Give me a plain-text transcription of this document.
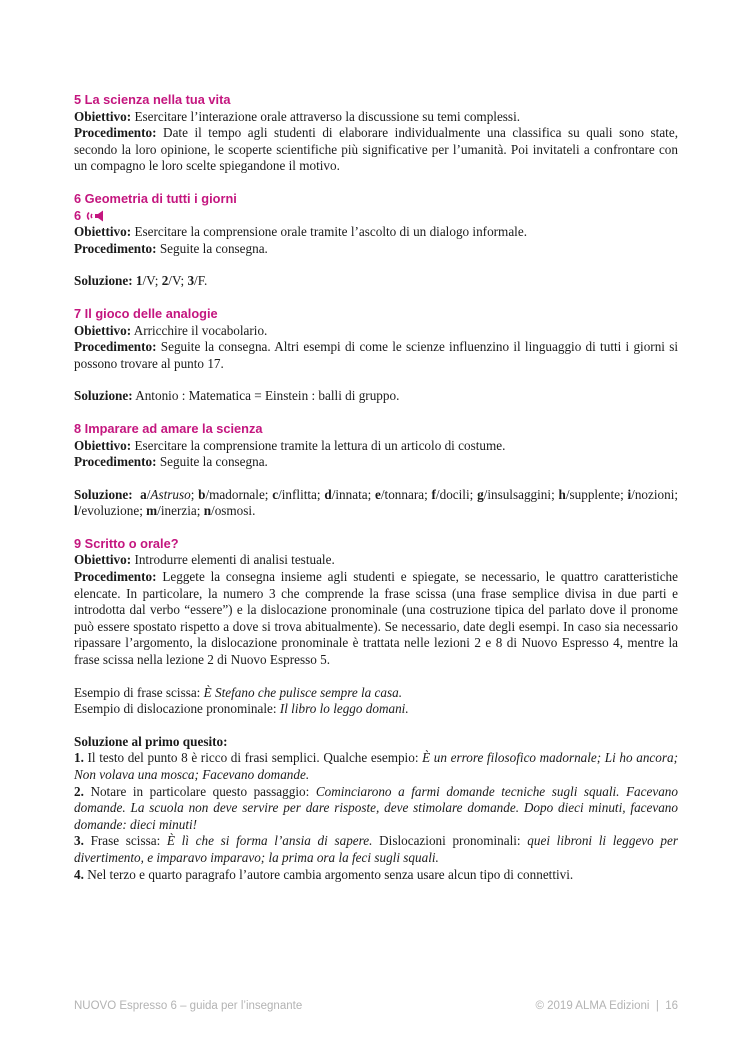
5 La scienza nella tua vita

Obiettivo: Esercitare l’interazione orale attraverso la discussione su temi complessi.

Procedimento: Date il tempo agli studenti di elaborare individualmente una classifica su quali sono state, secondo la loro opinione, le scoperte scientifiche più significative per l’umanità. Poi invitateli a confrontare con un compagno le loro scelte spiegandone il motivo.

6 Geometria di tutti i giorni
6

Obiettivo: Esercitare la comprensione orale tramite l’ascolto di un dialogo informale.

Procedimento: Seguite la consegna.

Soluzione: 1/V; 2/V; 3/F.

7 Il gioco delle analogie

Obiettivo: Arricchire il vocabolario.

Procedimento: Seguite la consegna. Altri esempi di come le scienze influenzino il linguaggio di tutti i giorni si possono trovare al punto 17.

Soluzione: Antonio : Matematica = Einstein : balli di gruppo.

8 Imparare ad amare la scienza

Obiettivo: Esercitare la comprensione tramite la lettura di un articolo di costume.

Procedimento: Seguite la consegna.

Soluzione: a/Astruso; b/madornale; c/inflitta; d/innata; e/tonnara; f/docili; g/insulsaggini; h/supplente; i/nozioni; l/evoluzione; m/inerzia; n/osmosi.

9 Scritto o orale?

Obiettivo: Introdurre elementi di analisi testuale.

Procedimento: Leggete la consegna insieme agli studenti e spiegate, se necessario, le quattro caratteristiche elencate. In particolare, la numero 3 che comprende la frase scissa (una frase semplice divisa in due parti e introdotta dal verbo “essere”) e la dislocazione pronominale (una costruzione tipica del parlato dove il pronome può essere spostato rispetto a dove si trova abitualmente). Se necessario, date degli esempi. In caso sia necessario ripassare l’argomento, la dislocazione pronominale è trattata nelle lezioni 2 e 8 di Nuovo Espresso 4, mentre la frase scissa nella lezione 2 di Nuovo Espresso 5.

Esempio di frase scissa: È Stefano che pulisce sempre la casa.

Esempio di dislocazione pronominale: Il libro lo leggo domani.

Soluzione al primo quesito:

1. Il testo del punto 8 è ricco di frasi semplici. Qualche esempio: È un errore filosofico madornale; Li ho ancora; Non volava una mosca; Facevano domande.

2. Notare in particolare questo passaggio: Cominciarono a farmi domande tecniche sugli squali. Facevano domande. La scuola non deve servire per dare risposte, deve stimolare domande. Dopo dieci minuti, facevano domande: dieci minuti!

3. Frase scissa: È lì che si forma l’ansia di sapere. Dislocazioni pronominali: quei libroni li leggevo per divertimento, e imparavo imparavo; la prima ora la feci sugli squali.

4. Nel terzo e quarto paragrafo l’autore cambia argomento senza usare alcun tipo di connettivi.

NUOVO Espresso 6 – guida per l’insegnante	© 2019 ALMA Edizioni  |  16
